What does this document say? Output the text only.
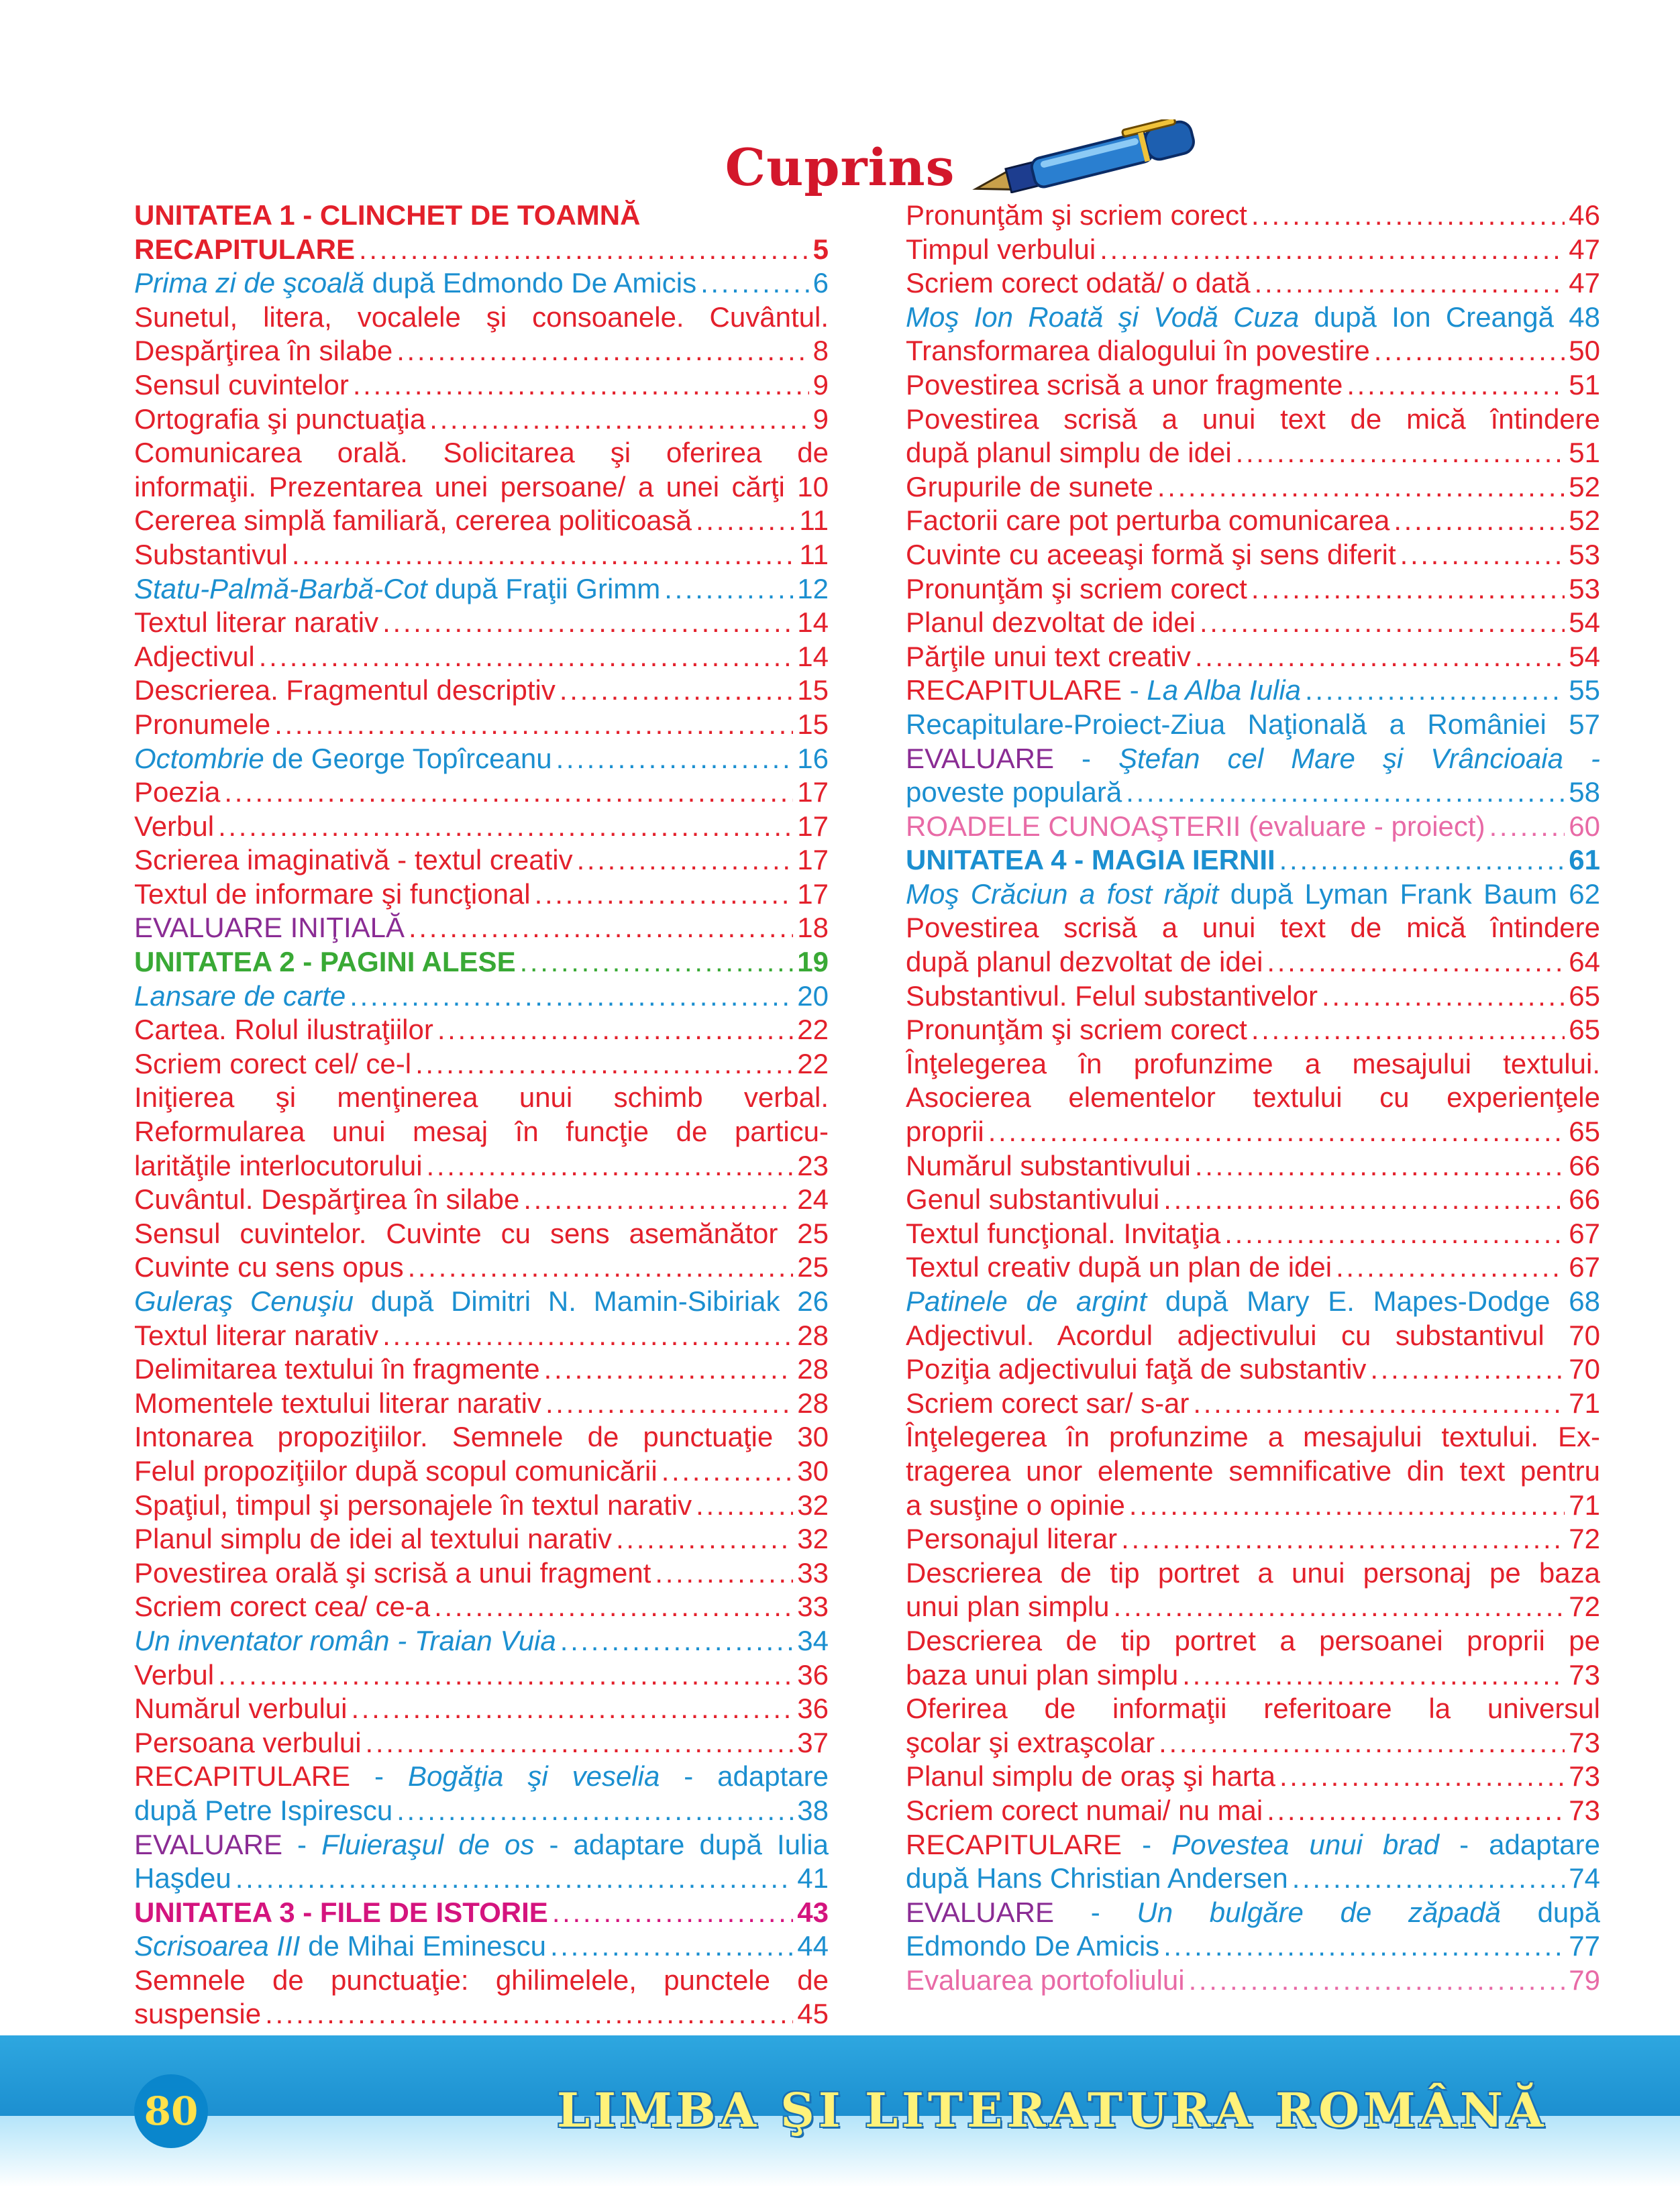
Cuprins
UNITATEA 1 - CLINCHET DE TOAMNĂ
RECAPITULARE . . .	5
Prima zi de şcoală după Edmondo De Amicis . . .	6
Sunetul, litera, vocalele şi consoanele. Cuvântul.
Despărţirea în silabe . . .	8
Sensul cuvintelor . . .	9
Ortografia şi punctuaţia . . .	9
Comunicarea orală. Solicitarea şi oferirea de
informaţii. Prezentarea unei persoane/ a unei cărţi 10
Cererea simplă familiară, cererea politicoasă . . .	11
Substantivul . . .	11
Statu-Palmă-Barbă-Cot după Fraţii Grimm . . .	12
Textul literar narativ . . .	14
Adjectivul . . .	14
Descrierea. Fragmentul descriptiv . . .	15
Pronumele . . .	15
Octombrie de George Topîrceanu . . .	16
Poezia . . .	17
Verbul . . .	17
Scrierea imaginativă - textul creativ . . .	17
Textul de informare şi funcţional . . .	17
EVALUARE INIŢIALĂ . . .	18
UNITATEA 2 - PAGINI ALESE . . .	19
Lansare de carte . . .	20
Cartea. Rolul ilustraţiilor . . .	22
Scriem corect cel/ ce-l . . .	22
Iniţierea şi menţinerea unui schimb verbal.
Reformularea unui mesaj în funcţie de particu-
larităţile interlocutorului . . .	23
Cuvântul. Despărţirea în silabe . . .	24
Sensul cuvintelor. Cuvinte cu sens asemănător 25
Cuvinte cu sens opus . . .	25
Guleraş Cenuşiu după Dimitri N. Mamin-Sibiriak 26
Textul literar narativ . . .	28
Delimitarea textului în fragmente . . .	28
Momentele textului literar narativ . . .	28
Intonarea propoziţiilor. Semnele de punctuaţie 30
Felul propoziţiilor după scopul comunicării . . .	30
Spaţiul, timpul şi personajele în textul narativ . . .	32
Planul simplu de idei al textului narativ . . .	32
Povestirea orală şi scrisă a unui fragment . . .	33
Scriem corect cea/ ce-a . . .	33
Un inventator român - Traian Vuia . . .	34
Verbul . . .	36
Numărul verbului . . .	36
Persoana verbului . . .	37
RECAPITULARE - Bogăţia şi veselia - adaptare
după Petre Ispirescu . . .	38
EVALUARE - Fluieraşul de os - adaptare după Iulia
Haşdeu . . .	41
UNITATEA 3 - FILE DE ISTORIE . . .	43
Scrisoarea III de Mihai Eminescu . . .	44
Semnele de punctuaţie: ghilimelele, punctele de
suspensie . . .	45
Pronunţăm şi scriem corect . . .	46
Timpul verbului . . .	47
Scriem corect odată/ o dată . . .	47
Moş Ion Roată şi Vodă Cuza după Ion Creangă 48
Transformarea dialogului în povestire . . .	50
Povestirea scrisă a unor fragmente . . .	51
Povestirea scrisă a unui text de mică întindere
după planul simplu de idei . . .	51
Grupurile de sunete . . .	52
Factorii care pot perturba comunicarea . . .	52
Cuvinte cu aceeaşi formă şi sens diferit . . .	53
Pronunţăm şi scriem corect . . .	53
Planul dezvoltat de idei . . .	54
Părţile unui text creativ . . .	54
RECAPITULARE - La Alba Iulia . . .	55
Recapitulare-Proiect-Ziua Naţională a României 57
EVALUARE - Ştefan cel Mare şi Vrâncioaia -
poveste populară . . .	58
ROADELE CUNOAŞTERII (evaluare - proiect) . . .	60
UNITATEA 4 - MAGIA IERNII . . .	61
Moş Crăciun a fost răpit după Lyman Frank Baum 62
Povestirea scrisă a unui text de mică întindere
după planul dezvoltat de idei . . .	64
Substantivul. Felul substantivelor . . .	65
Pronunţăm şi scriem corect . . .	65
Înţelegerea în profunzime a mesajului textului.
Asocierea elementelor textului cu experienţele
proprii . . .	65
Numărul substantivului . . .	66
Genul substantivului . . .	66
Textul funcţional. Invitaţia . . .	67
Textul creativ după un plan de idei . . .	67
Patinele de argint după Mary E. Mapes-Dodge 68
Adjectivul. Acordul adjectivului cu substantivul 70
Poziţia adjectivului faţă de substantiv . . .	70
Scriem corect sar/ s-ar . . .	71
Înţelegerea în profunzime a mesajului textului. Ex-
tragerea unor elemente semnificative din text pentru
a susţine o opinie . . .	71
Personajul literar . . .	72
Descrierea de tip portret a unui personaj pe baza
unui plan simplu . . .	72
Descrierea de tip portret a persoanei proprii pe
baza unui plan simplu . . .	73
Oferirea de informaţii referitoare la universul
şcolar şi extraşcolar . . .	73
Planul simplu de oraş şi harta . . .	73
Scriem corect numai/ nu mai . . .	73
RECAPITULARE - Povestea unui brad - adaptare
după Hans Christian Andersen . . .	74
EVALUARE - Un bulgăre de zăpadă după
Edmondo De Amicis . . .	77
Evaluarea portofoliului . . .	79
80	LIMBA ŞI LITERATURA ROMÂNĂ
